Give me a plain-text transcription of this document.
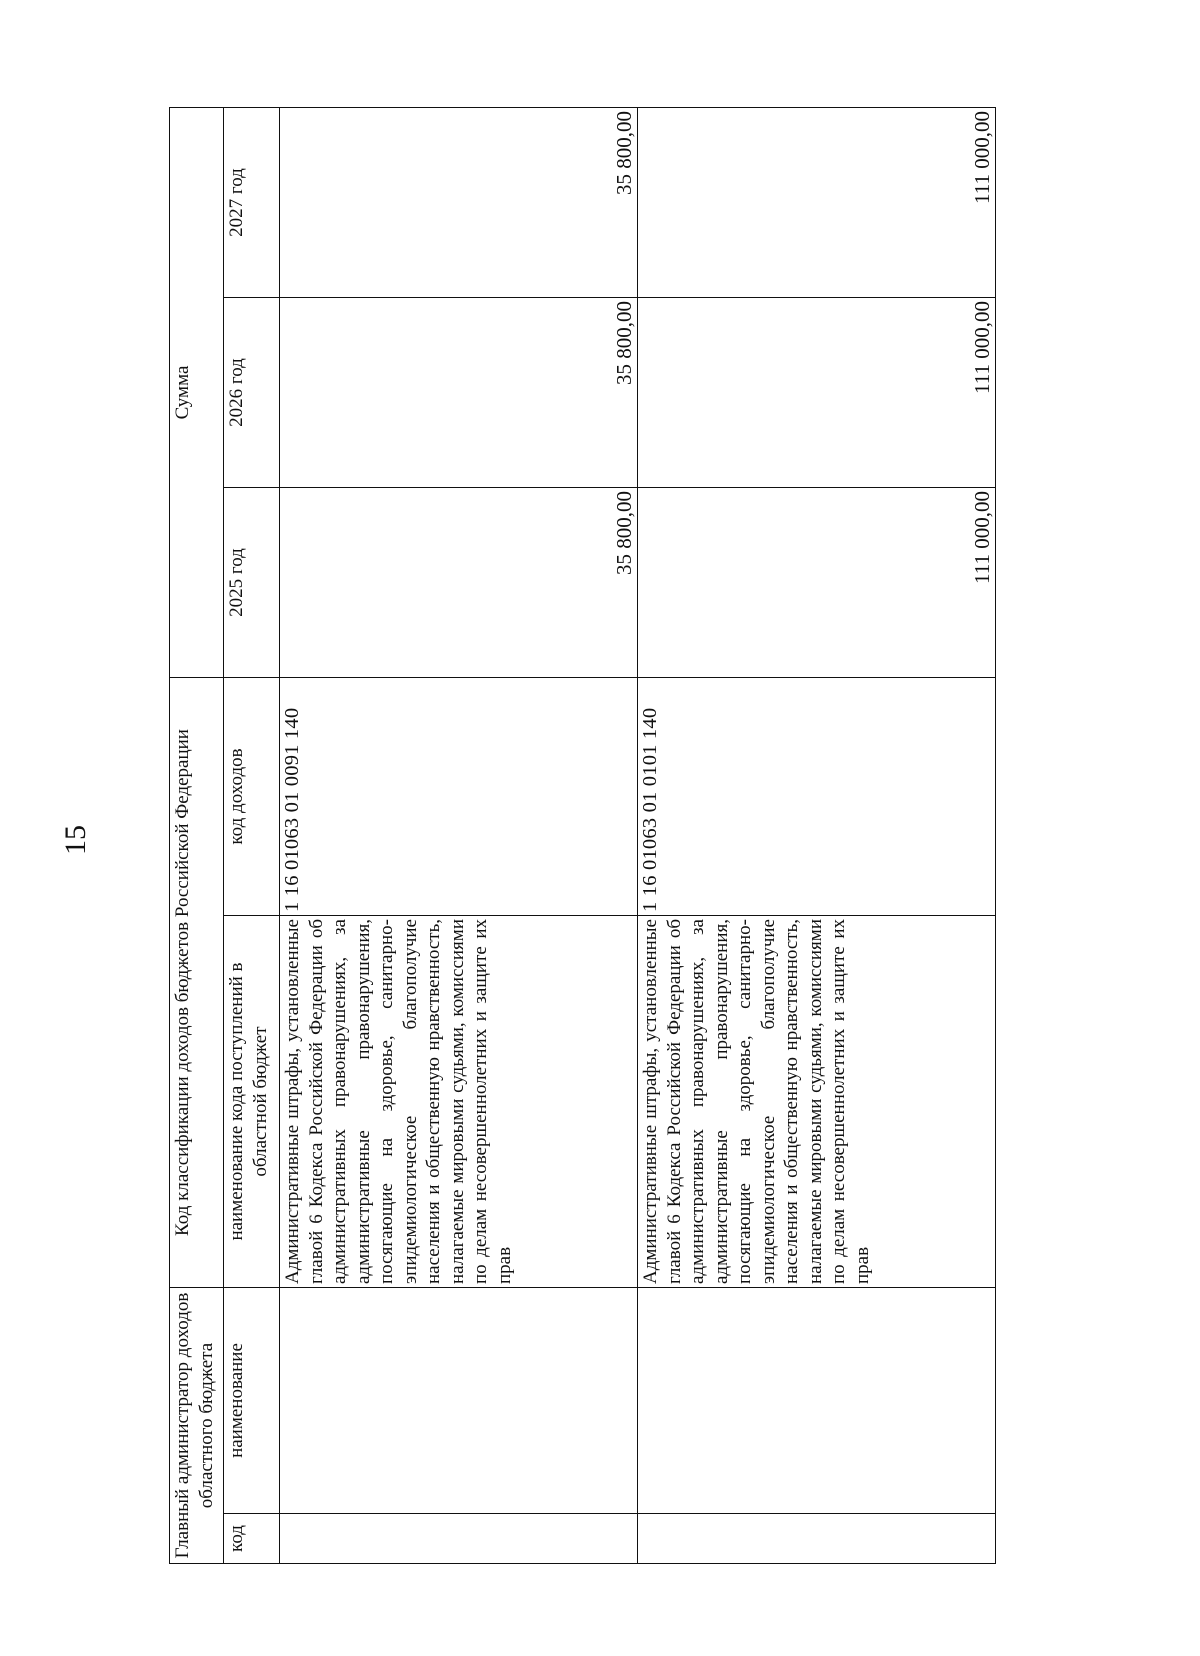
15
Главный администратор доходов областного бюджета		Код классификации доходов бюджетов Российской Федерации		Сумма		
код	наименование	наименование кода поступлений в областной бюджет	код доходов	2025 год	2026 год	2027 год
		Административные штрафы, установленные главой 6 Кодекса Российской Федерации об административных правонарушениях, за административные правонарушения, посягающие на здоровье, санитарно-эпидемиологическое благополучие населения и общественную нравственность, налагаемые мировыми судьями, комиссиями по делам несовершеннолетних и защите их прав	1 16 01063 01 0091 140	35 800,00	35 800,00	35 800,00
		Административные штрафы, установленные главой 6 Кодекса Российской Федерации об административных правонарушениях, за административные правонарушения, посягающие на здоровье, санитарно-эпидемиологическое благополучие населения и общественную нравственность, налагаемые мировыми судьями, комиссиями по делам несовершеннолетних и защите их прав	1 16 01063 01 0101 140	111 000,00	111 000,00	111 000,00
